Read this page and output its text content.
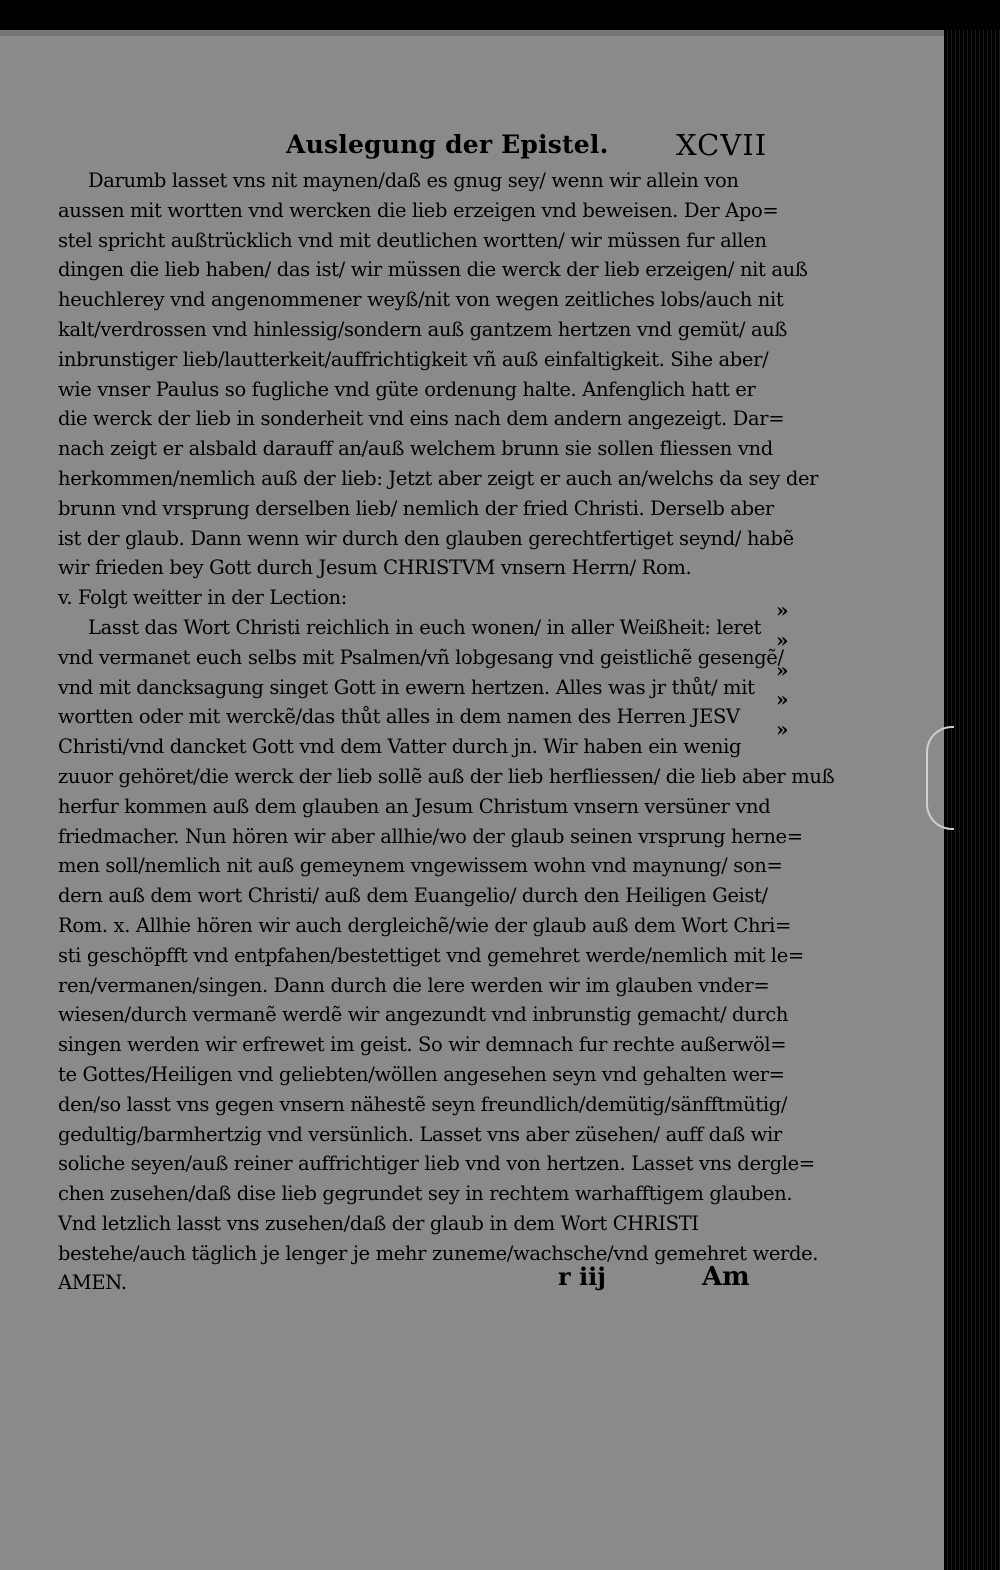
Auslegung der Epistel. XCVII
Darumb lasset vns nit maynen/daß es gnug sey/ wenn wir allein von
aussen mit wortten vnd wercken die lieb erzeigen vnd beweisen. Der Apo=
stel spricht außtrücklich vnd mit deutlichen wortten/ wir müssen fur allen
dingen die lieb haben/ das ist/ wir müssen die werck der lieb erzeigen/ nit auß
heuchlerey vnd angenommener weyß/nit von wegen zeitliches lobs/auch nit
kalt/verdrossen vnd hinlessig/sondern auß gantzem hertzen vnd gemüt/ auß
inbrunstiger lieb/lautterkeit/auffrichtigkeit vñ auß einfaltigkeit. Sihe aber/
wie vnser Paulus so fugliche vnd güte ordenung halte. Anfenglich hatt er
die werck der lieb in sonderheit vnd eins nach dem andern angezeigt. Dar=
nach zeigt er alsbald darauff an/auß welchem brunn sie sollen fliessen vnd
herkommen/nemlich auß der lieb: Jetzt aber zeigt er auch an/welchs da sey der
brunn vnd vrsprung derselben lieb/ nemlich der fried Christi. Derselb aber
ist der glaub. Dann wenn wir durch den glauben gerechtfertiget seynd/ habẽ
wir frieden bey Gott durch Jesum CHRISTVM vnsern Herrn/ Rom.
v. Folgt weitter in der Lection:
Lasst das Wort Christi reichlich in euch wonen/ in aller Weißheit: leret
vnd vermanet euch selbs mit Psalmen/vñ lobgesang vnd geistlichẽ gesengẽ/
vnd mit dancksagung singet Gott in ewern hertzen. Alles was jr thůt/ mit
wortten oder mit werckẽ/das thůt alles in dem namen des Herren JESV
Christi/vnd dancket Gott vnd dem Vatter durch jn. Wir haben ein wenig
zuuor gehöret/die werck der lieb sollẽ auß der lieb herfliessen/ die lieb aber muß
herfur kommen auß dem glauben an Jesum Christum vnsern versüner vnd
friedmacher. Nun hören wir aber allhie/wo der glaub seinen vrsprung herne=
men soll/nemlich nit auß gemeynem vngewissem wohn vnd maynung/ son=
dern auß dem wort Christi/ auß dem Euangelio/ durch den Heiligen Geist/
Rom. x. Allhie hören wir auch dergleichẽ/wie der glaub auß dem Wort Chri=
sti geschöpfft vnd entpfahen/bestettiget vnd gemehret werde/nemlich mit le=
ren/vermanen/singen. Dann durch die lere werden wir im glauben vnder=
wiesen/durch vermanẽ werdẽ wir angezundt vnd inbrunstig gemacht/ durch
singen werden wir erfrewet im geist. So wir demnach fur rechte außerwöl=
te Gottes/Heiligen vnd geliebten/wöllen angesehen seyn vnd gehalten wer=
den/so lasst vns gegen vnsern nähestẽ seyn freundlich/demütig/sänfftmütig/
gedultig/barmhertzig vnd versünlich. Lasset vns aber züsehen/ auff daß wir
soliche seyen/auß reiner auffrichtiger lieb vnd von hertzen. Lasset vns dergle=
chen zusehen/daß dise lieb gegrundet sey in rechtem warhafftigem glauben.
Vnd letzlich lasst vns zusehen/daß der glaub in dem Wort CHRISTI
bestehe/auch täglich je lenger je mehr zuneme/wachsche/vnd gemehret werde.
AMEN.
»
»
»
»
»
r iij	Am
